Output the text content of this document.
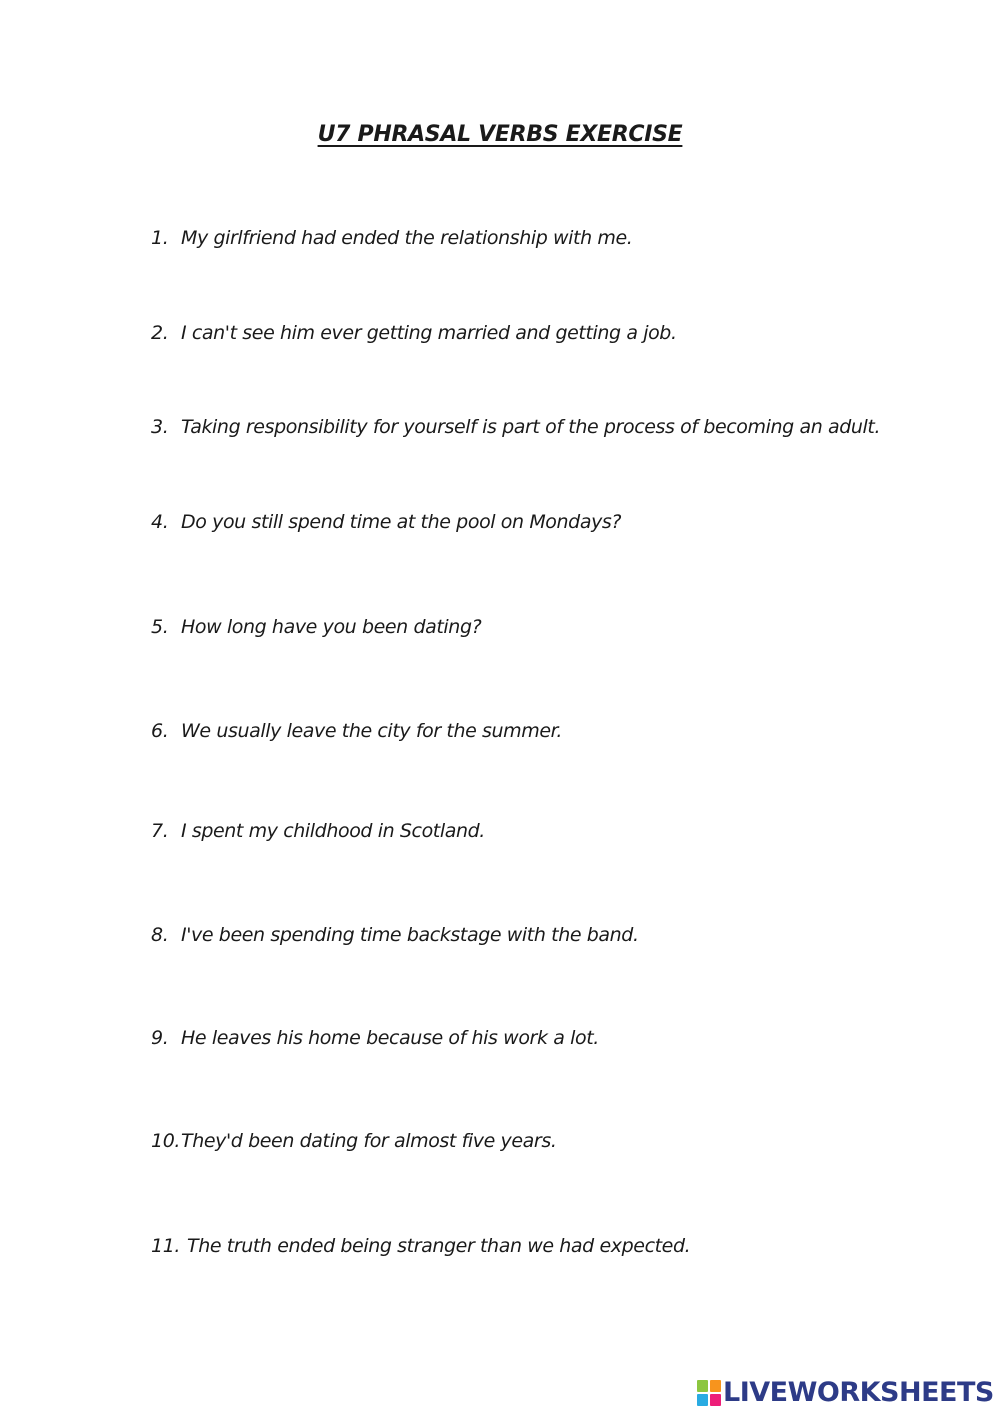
U7 PHRASAL VERBS EXERCISE
1. My girlfriend had ended the relationship with me.
2. I can't see him ever getting married and getting a job.
3. Taking responsibility for yourself is part of the process of becoming an adult.
4. Do you still spend time at the pool on Mondays?
5. How long have you been dating?
6. We usually leave the city for the summer.
7. I spent my childhood in Scotland.
8. I've been spending time backstage with the band.
9. He leaves his home because of his work a lot.
10.They'd been dating for almost five years.
11. The truth ended being stranger than we had expected.
LIVEWORKSHEETS
